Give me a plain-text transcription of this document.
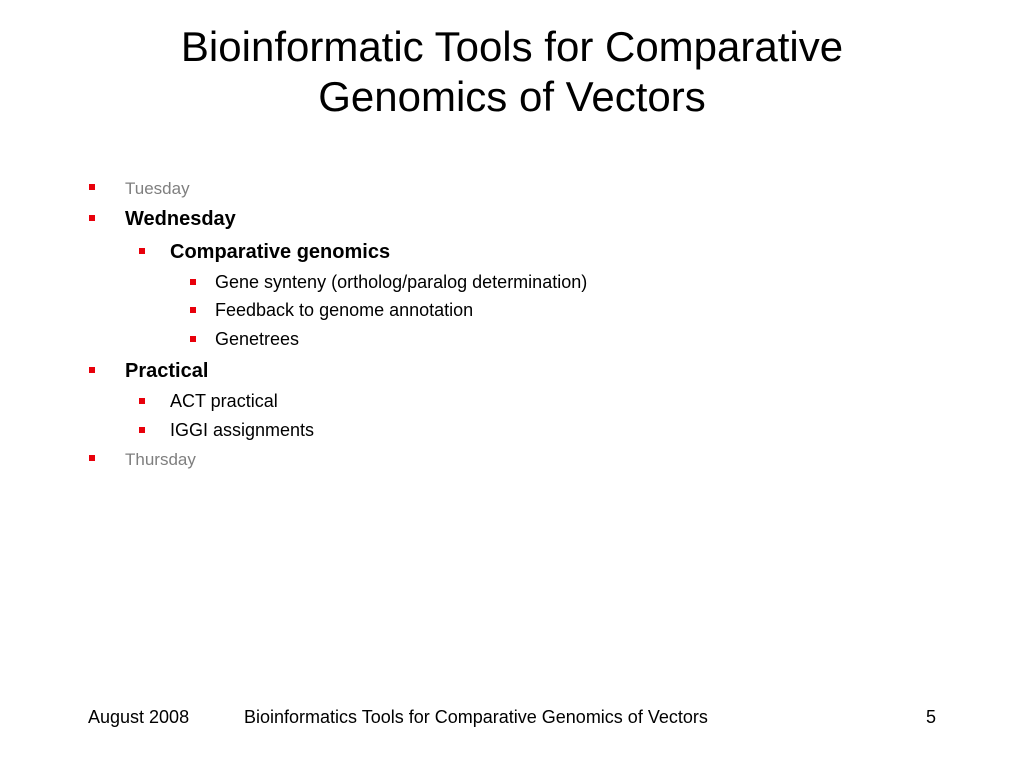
Bioinformatic Tools for Comparative
Genomics of Vectors
Tuesday
Wednesday
Comparative genomics
Gene synteny (ortholog/paralog determination)
Feedback to genome annotation
Genetrees
Practical
ACT practical
IGGI assignments
Thursday
August 2008	Bioinformatics Tools for Comparative Genomics of Vectors	5
